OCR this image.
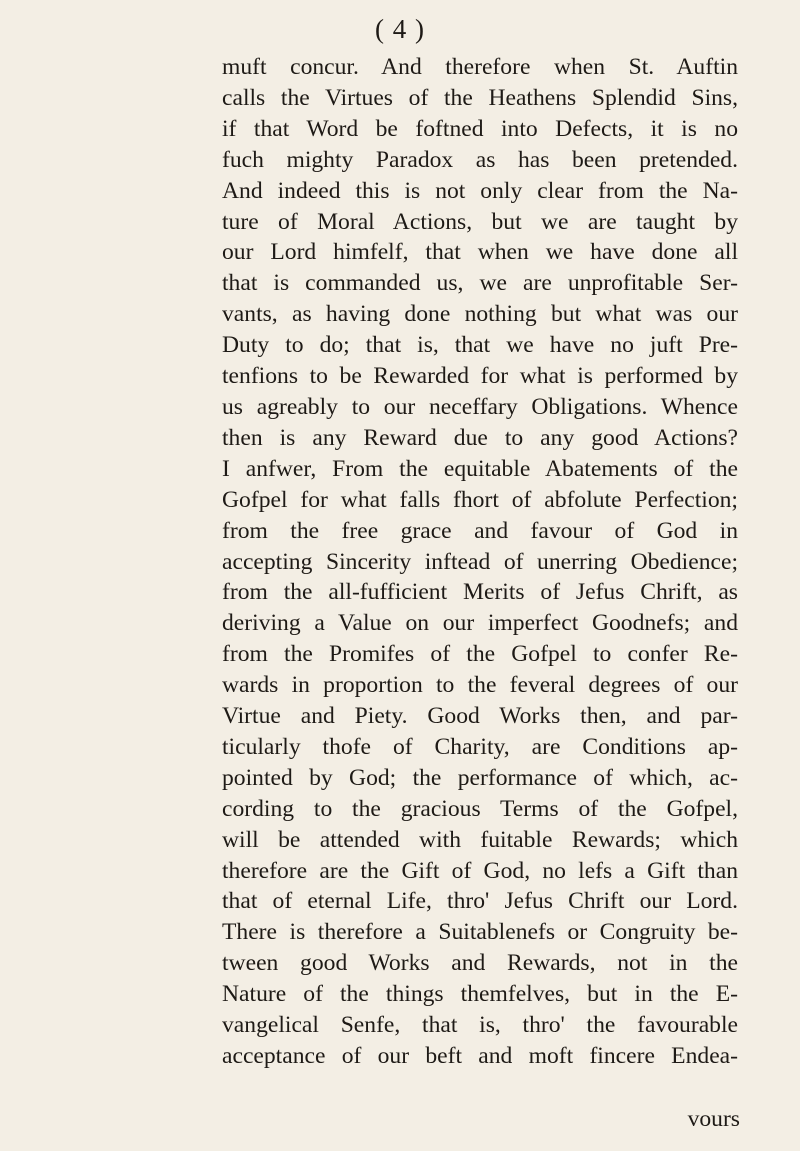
( 4 )
muft concur. And therefore when St. Auftin
calls the Virtues of the Heathens Splendid Sins,
if that Word be foftned into Defects, it is no
fuch mighty Paradox as has been pretended.
And indeed this is not only clear from the Na-
ture of Moral Actions, but we are taught by
our Lord himfelf, that when we have done all
that is commanded us, we are unprofitable Ser-
vants, as having done nothing but what was our
Duty to do; that is, that we have no juft Pre-
tenfions to be Rewarded for what is performed by
us agreably to our neceffary Obligations. Whence
then is any Reward due to any good Actions?
I anfwer, From the equitable Abatements of the
Gofpel for what falls fhort of abfolute Perfection;
from the free grace and favour of God in
accepting Sincerity inftead of unerring Obedience;
from the all-fufficient Merits of Jefus Chrift, as
deriving a Value on our imperfect Goodnefs; and
from the Promifes of the Gofpel to confer Re-
wards in proportion to the feveral degrees of our
Virtue and Piety. Good Works then, and par-
ticularly thofe of Charity, are Conditions ap-
pointed by God; the performance of which, ac-
cording to the gracious Terms of the Gofpel,
will be attended with fuitable Rewards; which
therefore are the Gift of God, no lefs a Gift than
that of eternal Life, thro' Jefus Chrift our Lord.
There is therefore a Suitablenefs or Congruity be-
tween good Works and Rewards, not in the
Nature of the things themfelves, but in the E-
vangelical Senfe, that is, thro' the favourable
acceptance of our beft and moft fincere Endea-
vours
